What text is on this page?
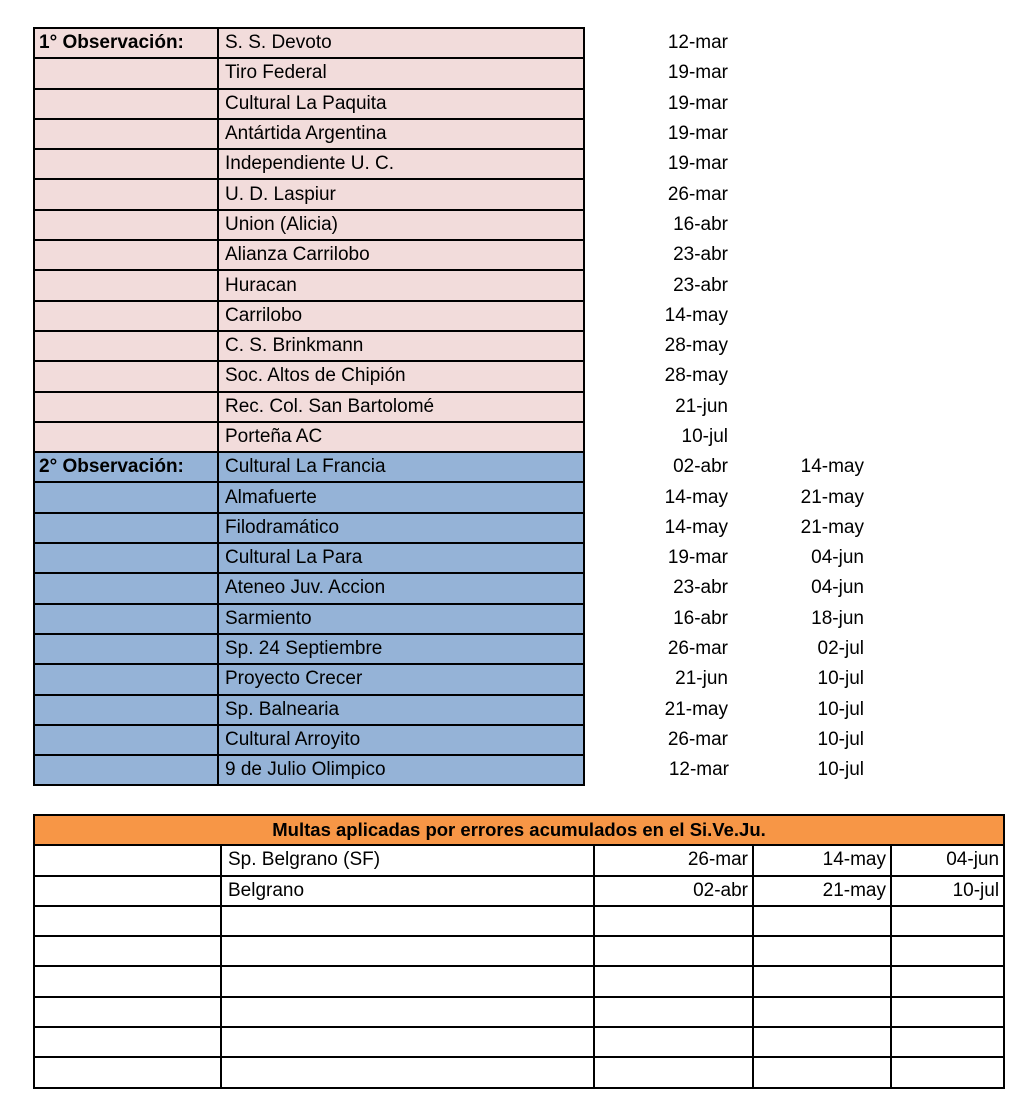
1° Observación:	S. S. Devoto	12-mar	
	Tiro Federal	19-mar	
	Cultural La Paquita	19-mar	
	Antártida Argentina	19-mar	
	Independiente U. C.	19-mar	
	U. D. Laspiur	26-mar	
	Union (Alicia)	16-abr	
	Alianza Carrilobo	23-abr	
	Huracan	23-abr	
	Carrilobo	14-may	
	C. S. Brinkmann	28-may	
	Soc. Altos de Chipión	28-may	
	Rec. Col. San Bartolomé	21-jun	
	Porteña AC	10-jul	
2° Observación:	Cultural La Francia	02-abr	14-may
	Almafuerte	14-may	21-may
	Filodramático	14-may	21-may
	Cultural La Para	19-mar	04-jun
	Ateneo Juv. Accion	23-abr	04-jun
	Sarmiento	16-abr	18-jun
	Sp. 24 Septiembre	26-mar	02-jul
	Proyecto Crecer	21-jun	10-jul
	Sp. Balnearia	21-may	10-jul
	Cultural Arroyito	26-mar	10-jul
	9 de Julio Olimpico	12-mar	10-jul
Multas aplicadas por errores acumulados en el Si.Ve.Ju.				
	Sp. Belgrano (SF)	26-mar	14-may	04-jun
	Belgrano	02-abr	21-may	10-jul
